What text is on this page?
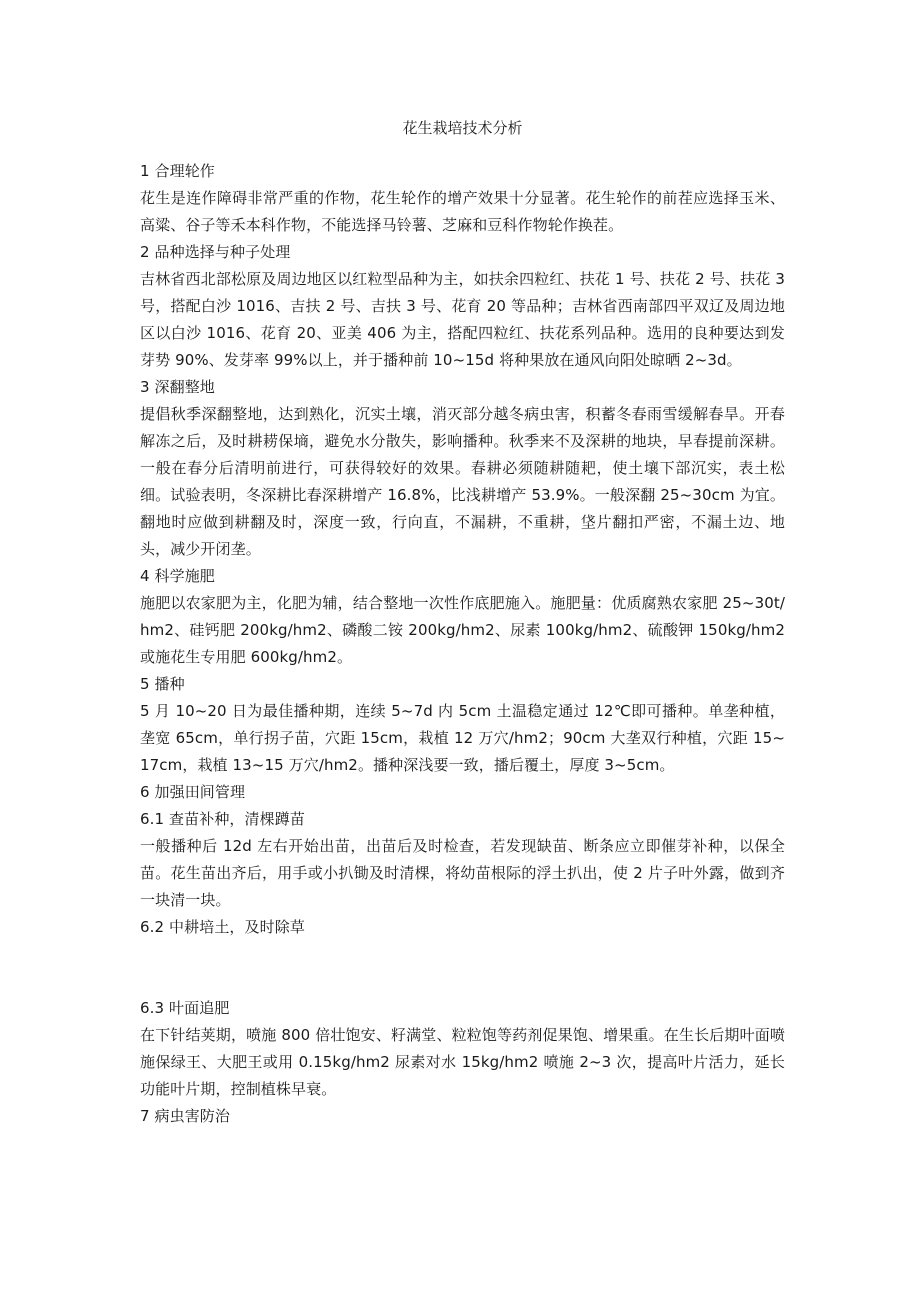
花生栽培技术分析

1 合理轮作

花生是连作障碍非常严重的作物，花生轮作的增产效果十分显著。花生轮作的前茬应选择玉米、高粱、谷子等禾本科作物，不能选择马铃薯、芝麻和豆科作物轮作换茬。

2 品种选择与种子处理

吉林省西北部松原及周边地区以红粒型品种为主，如扶余四粒红、扶花 1 号、扶花 2 号、扶花 3 号，搭配白沙 1016、吉扶 2 号、吉扶 3 号、花育 20 等品种；吉林省西南部四平双辽及周边地区以白沙 1016、花育 20、亚美 406 为主，搭配四粒红、扶花系列品种。选用的良种要达到发芽势 90%、发芽率 99%以上，并于播种前 10~15d 将种果放在通风向阳处晾晒 2~3d。

3 深翻整地

提倡秋季深翻整地，达到熟化，沉实土壤，消灭部分越冬病虫害，积蓄冬春雨雪缓解春旱。开春解冻之后，及时耕耢保墒，避免水分散失，影响播种。秋季来不及深耕的地块，早春提前深耕。一般在春分后清明前进行，可获得较好的效果。春耕必须随耕随耙，使土壤下部沉实，表土松细。试验表明，冬深耕比春深耕增产 16.8%，比浅耕增产 53.9%。一般深翻 25~30cm 为宜。翻地时应做到耕翻及时，深度一致，行向直，不漏耕，不重耕，垡片翻扣严密，不漏土边、地头，减少开闭垄。

4 科学施肥

施肥以农家肥为主，化肥为辅，结合整地一次性作底肥施入。施肥量：优质腐熟农家肥 25~30t/hm2、硅钙肥 200kg/hm2、磷酸二铵 200kg/hm2、尿素 100kg/hm2、硫酸钾 150kg/hm2 或施花生专用肥 600kg/hm2。

5 播种

5 月 10~20 日为最佳播种期，连续 5~7d 内 5cm 土温稳定通过 12℃即可播种。单垄种植，垄宽 65cm，单行拐子苗，穴距 15cm，栽植 12 万穴/hm2；90cm 大垄双行种植，穴距 15~17cm，栽植 13~15 万穴/hm2。播种深浅要一致，播后覆土，厚度 3~5cm。

6 加强田间管理

6.1 查苗补种，清棵蹲苗

一般播种后 12d 左右开始出苗，出苗后及时检查，若发现缺苗、断条应立即催芽补种，以保全苗。花生苗出齐后，用手或小扒锄及时清棵，将幼苗根际的浮土扒出，使 2 片子叶外露，做到齐一块清一块。

6.2 中耕培土，及时除草

6.3 叶面追肥

在下针结荚期，喷施 800 倍壮饱安、籽满堂、粒粒饱等药剂促果饱、增果重。在生长后期叶面喷施保绿王、大肥王或用 0.15kg/hm2 尿素对水 15kg/hm2 喷施 2~3 次，提高叶片活力，延长功能叶片期，控制植株早衰。

7 病虫害防治
